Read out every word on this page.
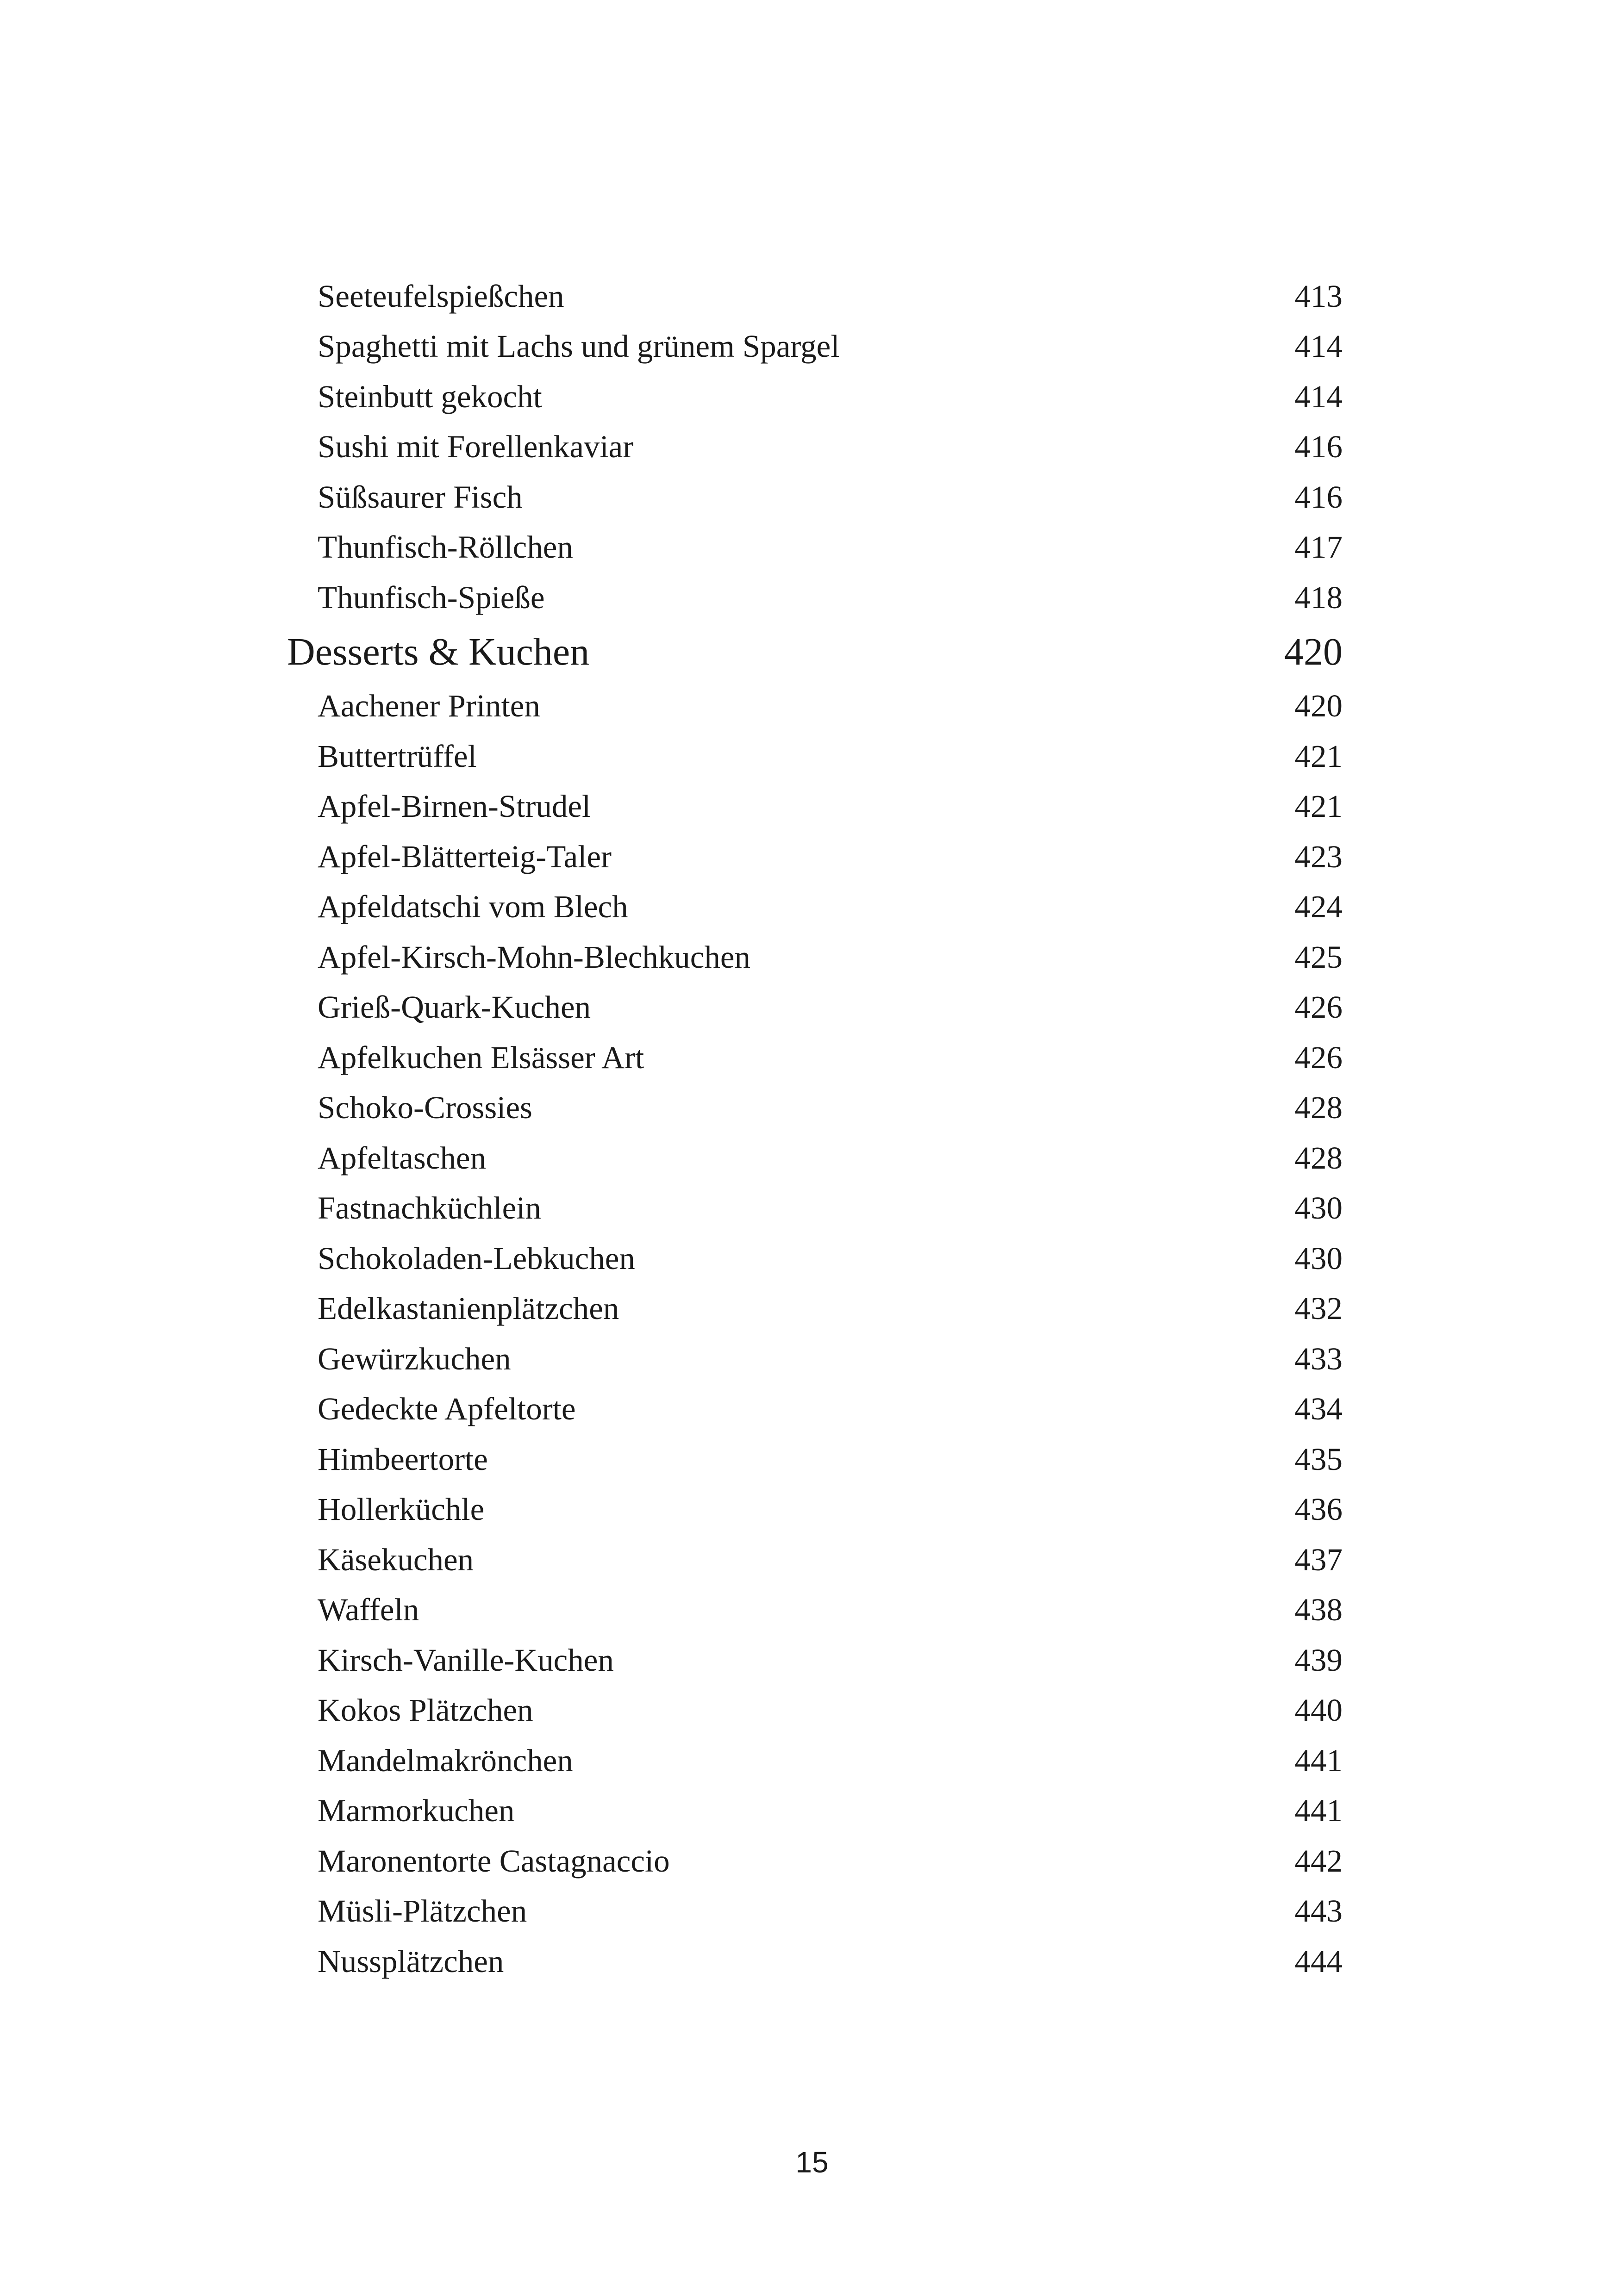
Seeteufelspießchen	413
Spaghetti mit Lachs und grünem Spargel	414
Steinbutt gekocht	414
Sushi mit Forellenkaviar	416
Süßsaurer Fisch	416
Thunfisch-Röllchen	417
Thunfisch-Spieße	418
Desserts & Kuchen	420
Aachener Printen	420
Buttertrüffel	421
Apfel-Birnen-Strudel	421
Apfel-Blätterteig-Taler	423
Apfeldatschi vom Blech	424
Apfel-Kirsch-Mohn-Blechkuchen	425
Grieß-Quark-Kuchen	426
Apfelkuchen Elsässer Art	426
Schoko-Crossies	428
Apfeltaschen	428
Fastnachküchlein	430
Schokoladen-Lebkuchen	430
Edelkastanienplätzchen	432
Gewürzkuchen	433
Gedeckte Apfeltorte	434
Himbeertorte	435
Hollerküchle	436
Käsekuchen	437
Waffeln	438
Kirsch-Vanille-Kuchen	439
Kokos Plätzchen	440
Mandelmakrönchen	441
Marmorkuchen	441
Maronentorte Castagnaccio	442
Müsli-Plätzchen	443
Nussplätzchen	444
15
